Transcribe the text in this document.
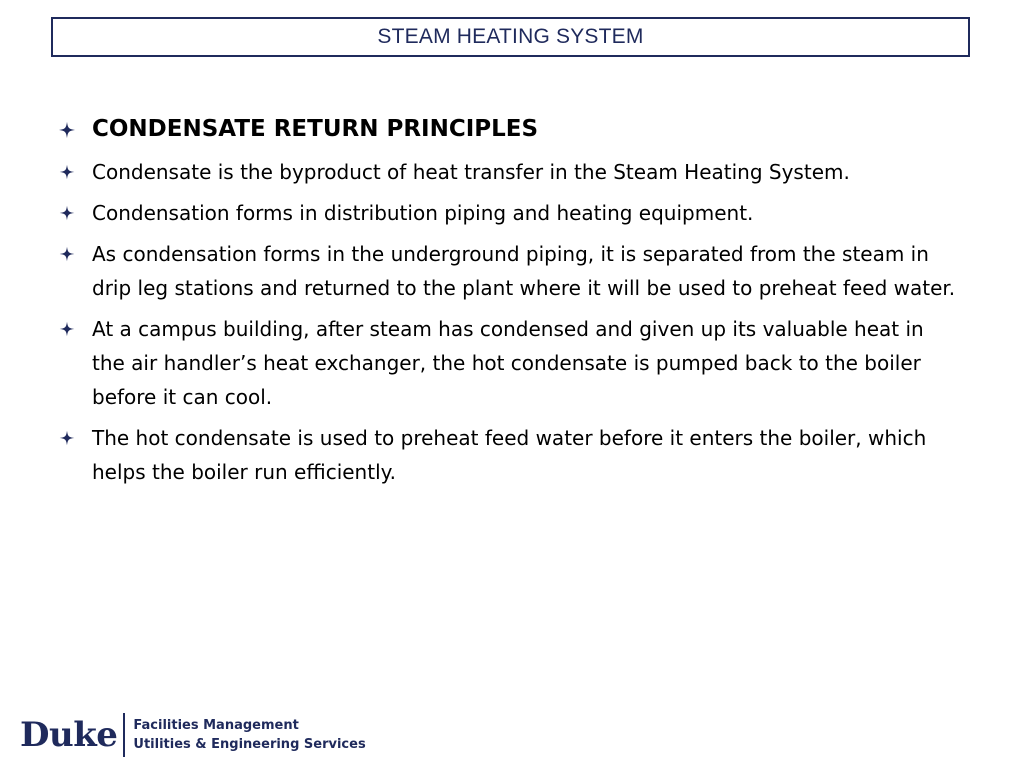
STEAM HEATING SYSTEM
CONDENSATE RETURN PRINCIPLES
Condensate is the byproduct of heat transfer in the Steam Heating System.
Condensation forms in distribution piping and heating equipment.
As condensation forms in the underground piping, it is separated from the steam in drip leg stations and returned to the plant where it will be used to preheat feed water.
At a campus building, after steam has condensed and given up its valuable heat in the air handler’s heat exchanger, the hot condensate is pumped back to the boiler before it can cool.
The hot condensate is used to preheat feed water before it enters the boiler, which helps the boiler run efficiently.
Duke Facilities Management
Utilities & Engineering Services
